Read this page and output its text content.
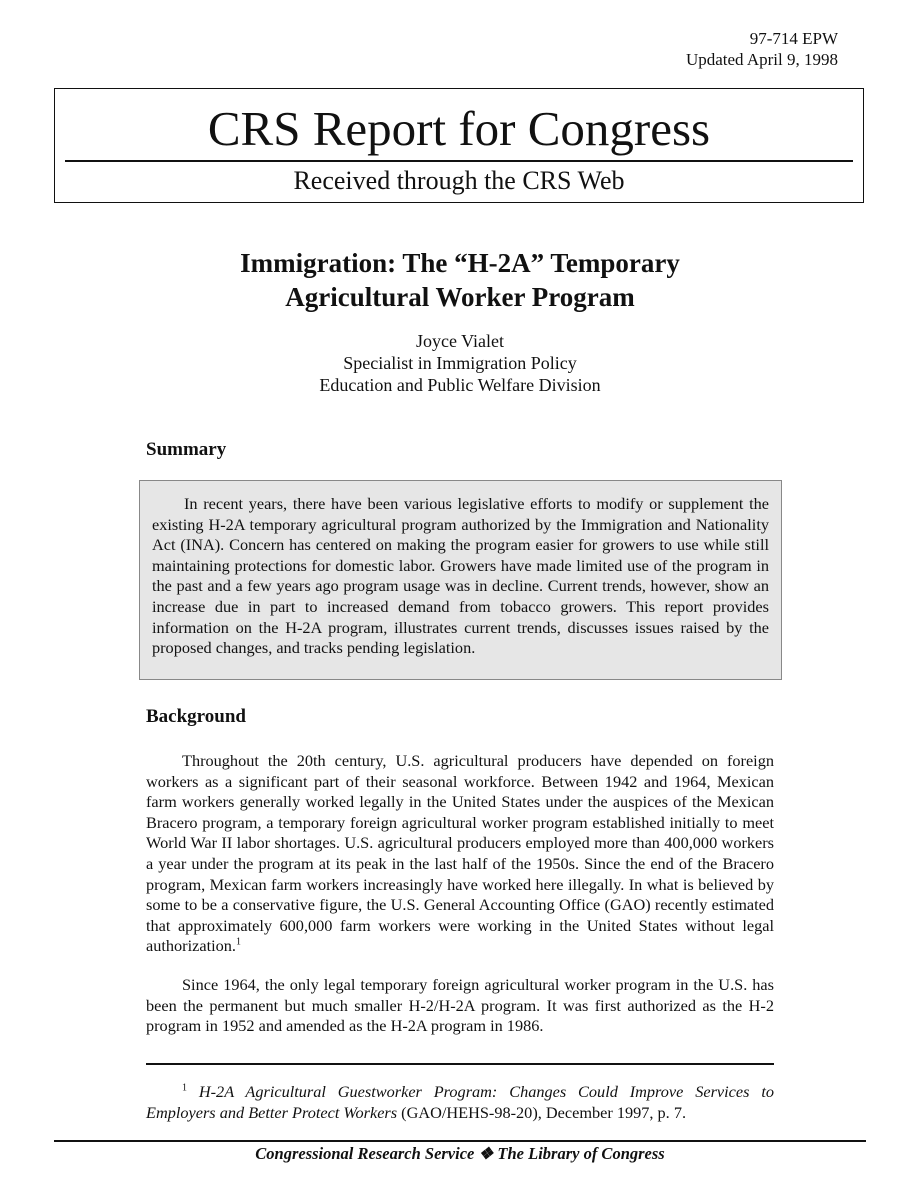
97-714 EPW
Updated April 9, 1998
CRS Report for Congress
Received through the CRS Web
Immigration: The “H-2A” Temporary
Agricultural Worker Program
Joyce Vialet
Specialist in Immigration Policy
Education and Public Welfare Division
Summary

In recent years, there have been various legislative efforts to modify or supplement the existing H-2A temporary agricultural program authorized by the Immigration and Nationality Act (INA). Concern has centered on making the program easier for growers to use while still maintaining protections for domestic labor. Growers have made limited use of the program in the past and a few years ago program usage was in decline. Current trends, however, show an increase due in part to increased demand from tobacco growers. This report provides information on the H-2A program, illustrates current trends, discusses issues raised by the proposed changes, and tracks pending legislation.

Background

Throughout the 20th century, U.S. agricultural producers have depended on foreign workers as a significant part of their seasonal workforce. Between 1942 and 1964, Mexican farm workers generally worked legally in the United States under the auspices of the Mexican Bracero program, a temporary foreign agricultural worker program established initially to meet World War II labor shortages. U.S. agricultural producers employed more than 400,000 workers a year under the program at its peak in the last half of the 1950s. Since the end of the Bracero program, Mexican farm workers increasingly have worked here illegally. In what is believed by some to be a conservative figure, the U.S. General Accounting Office (GAO) recently estimated that approximately 600,000 farm workers were working in the United States without legal authorization.$^1$

Since 1964, the only legal temporary foreign agricultural worker program in the U.S. has been the permanent but much smaller H-2/H-2A program. It was first authorized as the H-2 program in 1952 and amended as the H-2A program in 1986.

$^1$ H-2A Agricultural Guestworker Program: Changes Could Improve Services to Employers and Better Protect Workers (GAO/HEHS-98-20), December 1997, p. 7.

Congressional Research Service ❖ The Library of Congress
